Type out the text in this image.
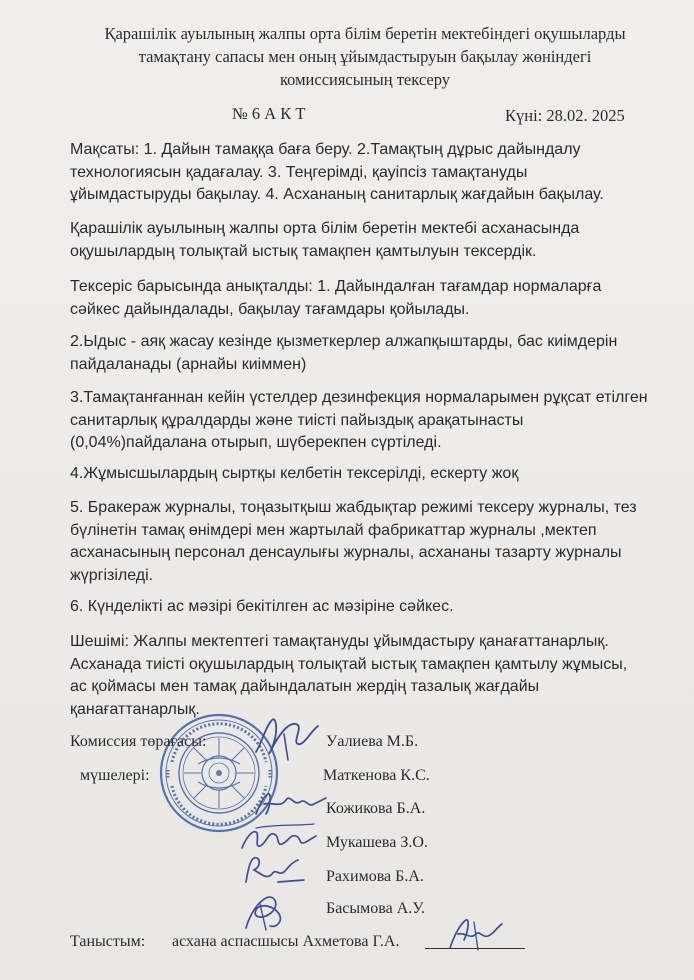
Қарашілік ауылының жалпы орта білім беретін мектебіндегі оқушыларды
тамақтану сапасы мен оның ұйымдастыруын бақылау жөніндегі
комиссиясының тексеру
№ 6 А К Т	Күні: 28.02. 2025
Мақсаты: 1. Дайын тамаққа баға беру. 2.Тамақтың дұрыс дайындалу
технологиясын қадағалау. 3. Теңгерімді, қауіпсіз тамақтануды
ұйымдастыруды бақылау. 4. Асхананың санитарлық жағдайын бақылау.
Қарашілік ауылының жалпы орта білім беретін мектебі асханасында
оқушылардың толықтай ыстық тамақпен қамтылуын тексердік.
Тексеріс барысында анықталды: 1. Дайындалған тағамдар нормаларға
сәйкес дайындалады, бақылау тағамдары қойылады.
2.Ыдыс - аяқ жасау кезінде қызметкерлер алжапқыштарды, бас киімдерін
пайдаланады (арнайы киіммен)
3.Тамақтанғаннан кейін үстелдер дезинфекция нормаларымен рұқсат етілген
санитарлық құралдарды және тиісті пайыздық арақатынасты
(0,04%)пайдалана отырып, шүберекпен сүртіледі.
4.Жұмысшылардың сыртқы келбетін тексерілді, ескерту жоқ
5. Бракераж журналы, тоңазытқыш жабдықтар режимі тексеру журналы, тез
бүлінетін тамақ өнімдері мен жартылай фабрикаттар журналы ,мектеп
асханасының персонал денсаулығы журналы, асхананы тазарту журналы
жүргізіледі.
6. Күнделікті ас мәзірі бекітілген ас мәзіріне сәйкес.
Шешімі: Жалпы мектептегі тамақтануды ұйымдастыру қанағаттанарлық.
Асханада тиісті оқушылардың толықтай ыстық тамақпен қамтылу жұмысы,
ас қоймасы мен тамақ дайындалатын жердің тазалық жағдайы
қанағаттанарлық.
Комиссия төрағасы:
мүшелері:
Уалиева М.Б.
Маткенова К.С.
Кожикова Б.А.
Мукашева З.О.
Рахимова Б.А.
Басымова А.У.
Таныстым: асхана аспасшысы Ахметова Г.А.
